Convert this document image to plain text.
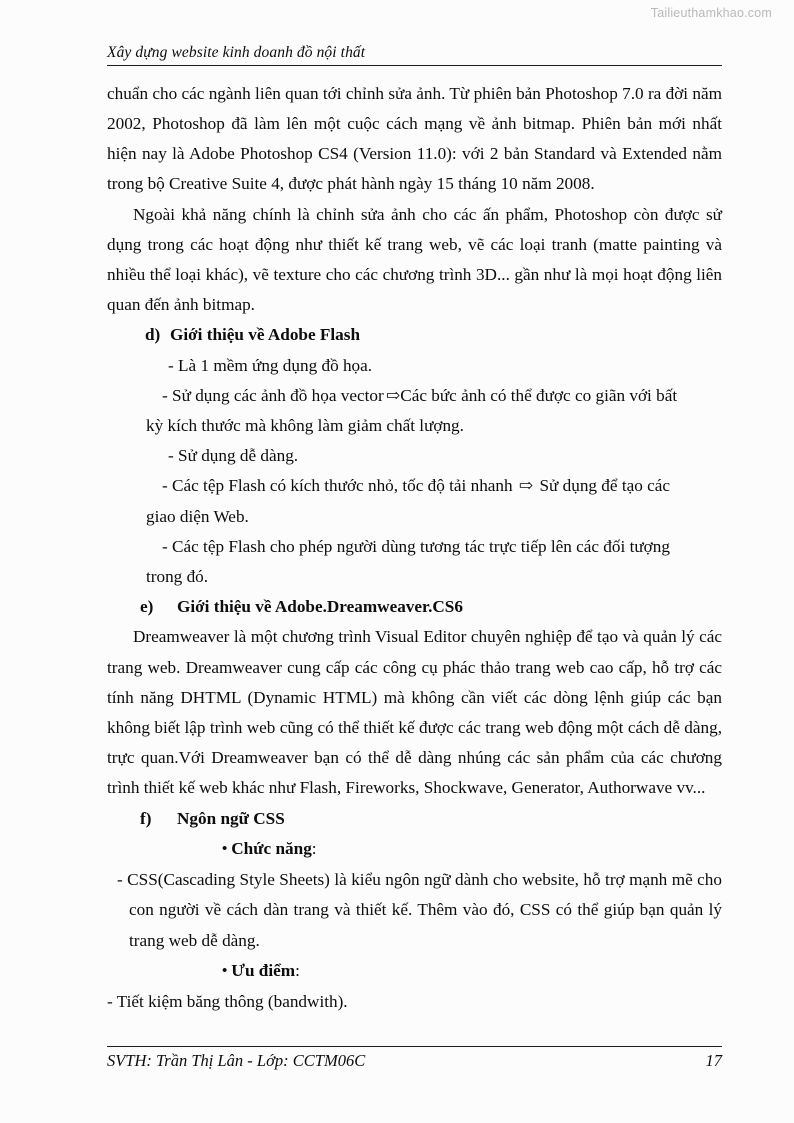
Tailieuthamkhao.com
Xây dựng website kinh doanh đồ nội thất

chuẩn cho các ngành liên quan tới chỉnh sửa ảnh. Từ phiên bản Photoshop 7.0 ra đời năm 2002, Photoshop đã làm lên một cuộc cách mạng về ảnh bitmap. Phiên bản mới nhất hiện nay là Adobe Photoshop CS4 (Version 11.0): với 2 bản Standard và Extended nằm trong bộ Creative Suite 4, được phát hành ngày 15 tháng 10 năm 2008.

Ngoài khả năng chính là chỉnh sửa ảnh cho các ấn phẩm, Photoshop còn được sử dụng trong các hoạt động như thiết kế trang web, vẽ các loại tranh (matte painting và nhiều thể loại khác), vẽ texture cho các chương trình 3D... gần như là mọi hoạt động liên quan đến ảnh bitmap.

d) Giới thiệu về Adobe Flash

- Là 1 mềm ứng dụng đồ họa.

- Sử dụng các ảnh đồ họa vector ⇨Các bức ảnh có thể được co giãn với bất

kỳ kích thước mà không làm giảm chất lượng.

- Sử dụng dễ dàng.

- Các tệp Flash có kích thước nhỏ, tốc độ tải nhanh ⇨ Sử dụng để tạo các

giao diện Web.

- Các tệp Flash cho phép người dùng tương tác trực tiếp lên các đối tượng

trong đó.

e) Giới thiệu về Adobe.Dreamweaver.CS6

Dreamweaver là một chương trình Visual Editor chuyên nghiệp để tạo và quản lý các trang web. Dreamweaver cung cấp các công cụ phác thảo trang web cao cấp, hỗ trợ các tính năng DHTML (Dynamic HTML) mà không cần viết các dòng lệnh giúp các bạn không biết lập trình web cũng có thể thiết kế được các trang web động một cách dễ dàng, trực quan.Với Dreamweaver bạn có thể dễ dàng nhúng các sản phẩm của các chương trình thiết kế web khác như Flash, Fireworks, Shockwave, Generator, Authorwave vv...

f) Ngôn ngữ CSS

• Chức năng:

- CSS(Cascading Style Sheets) là kiểu ngôn ngữ dành cho website, hỗ trợ mạnh mẽ cho con người về cách dàn trang và thiết kế. Thêm vào đó, CSS có thể giúp bạn quản lý trang web dễ dàng.

• Ưu điểm:

- Tiết kiệm băng thông (bandwith).

SVTH: Trần Thị Lân - Lớp: CCTM06C	17
